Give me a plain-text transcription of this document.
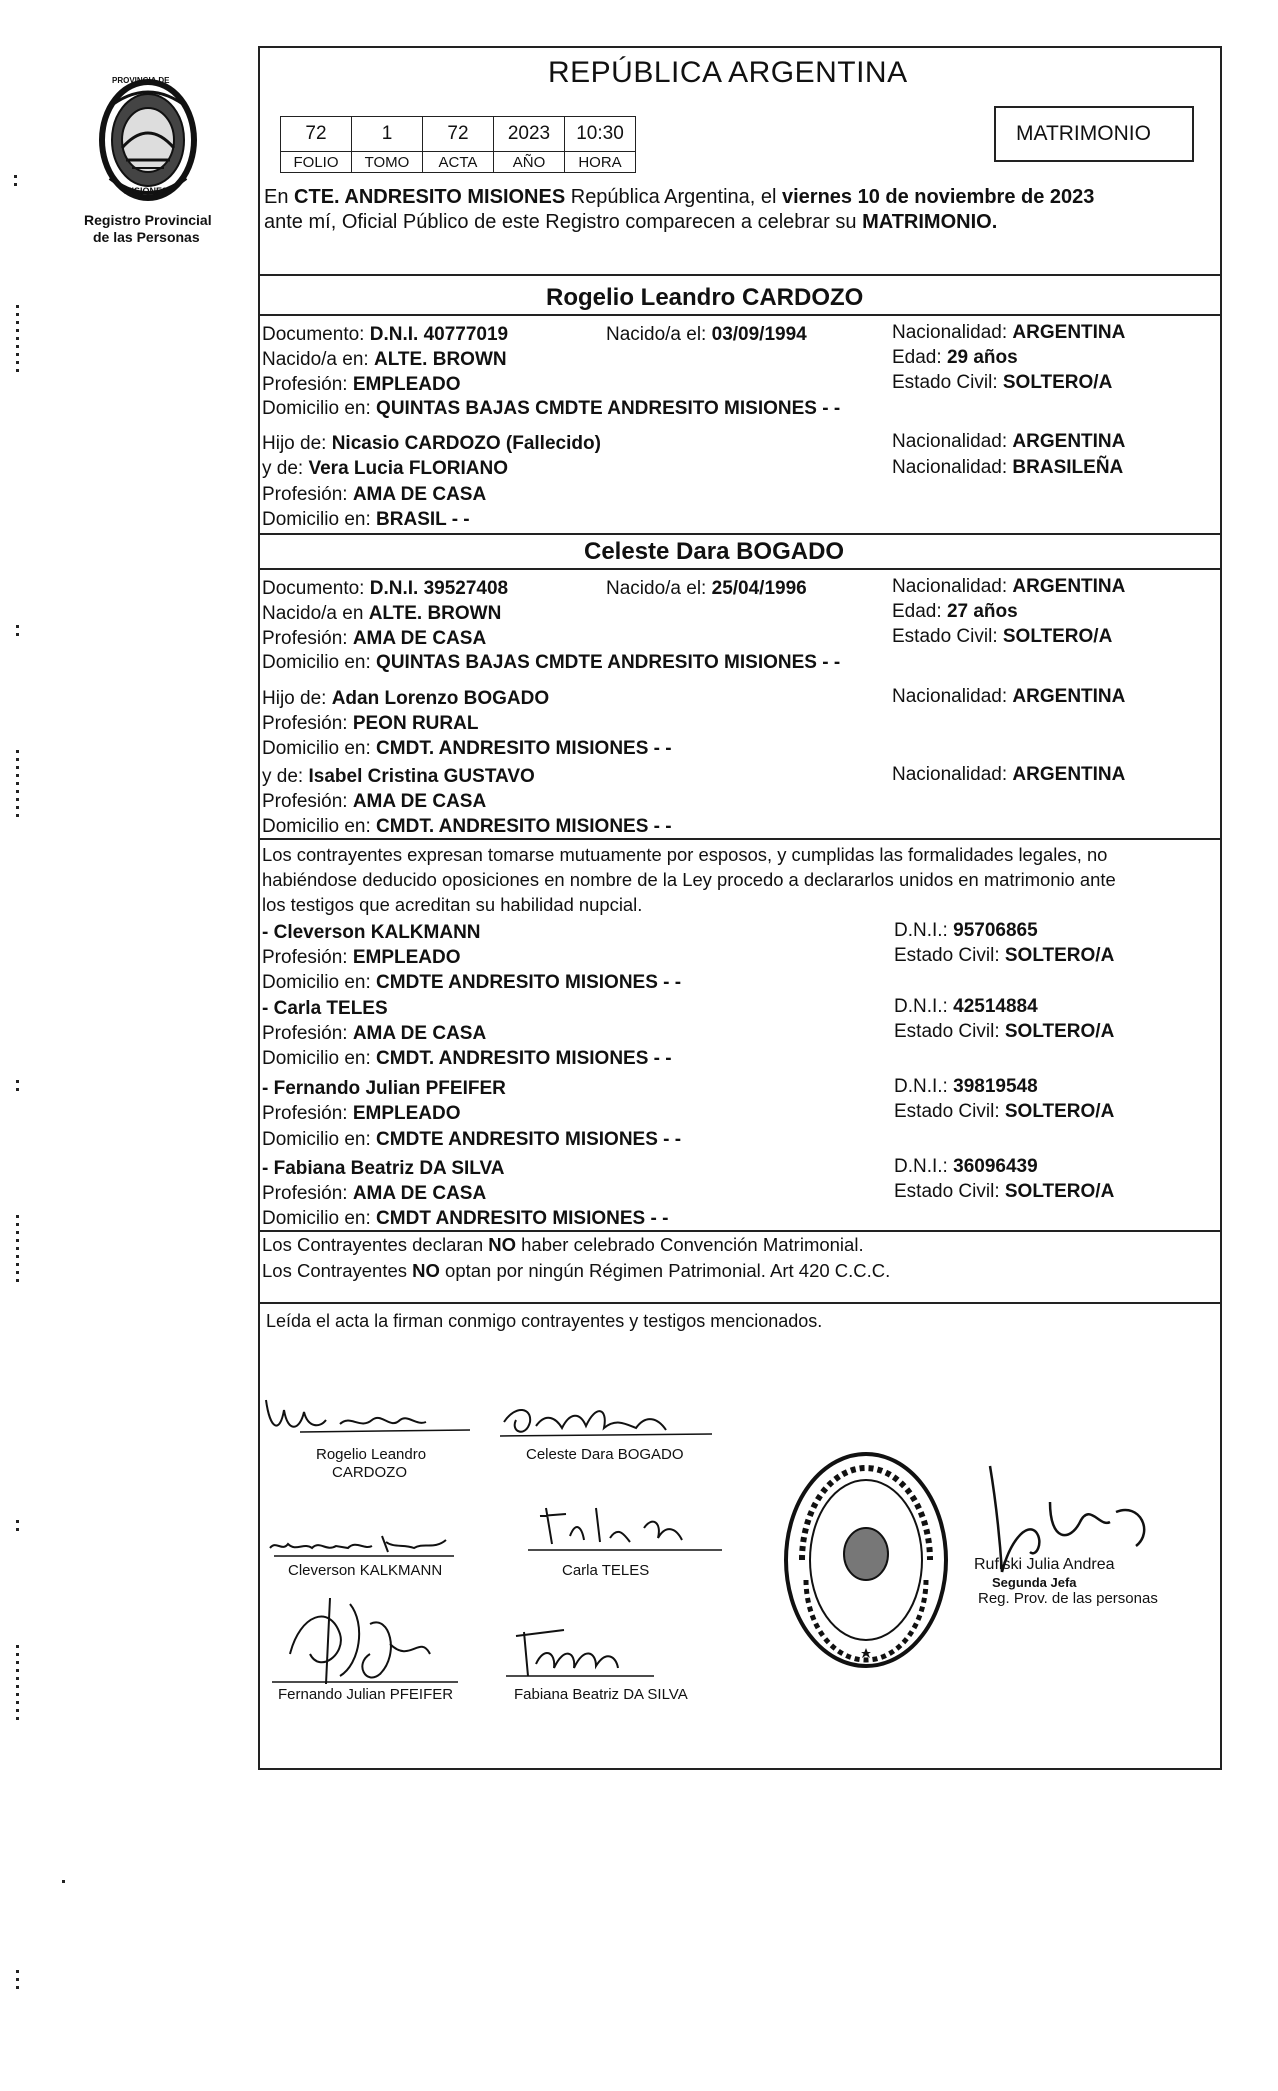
PROVINCIA DE
MISIONES
Registro Provincial
de las Personas
REPÚBLICA ARGENTINA
72	1	72	2023	10:30
FOLIO	TOMO	ACTA	AÑO	HORA
MATRIMONIO
En CTE. ANDRESITO MISIONES República Argentina, el viernes 10 de noviembre de 2023
ante mí, Oficial Público de este Registro comparecen a celebrar su MATRIMONIO.
Rogelio Leandro CARDOZO
Documento: D.N.I. 40777019	Nacido/a el: 03/09/1994	Nacionalidad: ARGENTINA
Nacido/a en: ALTE. BROWN	Edad: 29 años
Profesión: EMPLEADO	Estado Civil: SOLTERO/A
Domicilio en: QUINTAS BAJAS CMDTE ANDRESITO MISIONES - -
Hijo de: Nicasio CARDOZO (Fallecido)	Nacionalidad: ARGENTINA
y de: Vera Lucia FLORIANO	Nacionalidad: BRASILEÑA
Profesión: AMA DE CASA
Domicilio en: BRASIL - -
Celeste Dara BOGADO
Documento: D.N.I. 39527408	Nacido/a el: 25/04/1996	Nacionalidad: ARGENTINA
Nacido/a en ALTE. BROWN	Edad: 27 años
Profesión: AMA DE CASA	Estado Civil: SOLTERO/A
Domicilio en: QUINTAS BAJAS CMDTE ANDRESITO MISIONES - -
Hijo de: Adan Lorenzo BOGADO	Nacionalidad: ARGENTINA
Profesión: PEON RURAL
Domicilio en: CMDT. ANDRESITO MISIONES - -
y de: Isabel Cristina GUSTAVO	Nacionalidad: ARGENTINA
Profesión: AMA DE CASA
Domicilio en: CMDT. ANDRESITO MISIONES - -
Los contrayentes expresan tomarse mutuamente por esposos, y cumplidas las formalidades legales, no
habiéndose deducido oposiciones en nombre de la Ley procedo a declararlos unidos en matrimonio ante
los testigos que acreditan su habilidad nupcial.
- Cleverson KALKMANN	D.N.I.: 95706865
Profesión: EMPLEADO	Estado Civil: SOLTERO/A
Domicilio en: CMDTE ANDRESITO MISIONES - -
- Carla TELES	D.N.I.: 42514884
Profesión: AMA DE CASA	Estado Civil: SOLTERO/A
Domicilio en: CMDT. ANDRESITO MISIONES - -
- Fernando Julian PFEIFER	D.N.I.: 39819548
Profesión: EMPLEADO	Estado Civil: SOLTERO/A
Domicilio en: CMDTE ANDRESITO MISIONES - -
- Fabiana Beatriz DA SILVA	D.N.I.: 36096439
Profesión: AMA DE CASA	Estado Civil: SOLTERO/A
Domicilio en: CMDT ANDRESITO MISIONES - -
Los Contrayentes declaran NO haber celebrado Convención Matrimonial.
Los Contrayentes NO optan por ningún Régimen Patrimonial. Art 420 C.C.C.
Leída el acta la firman conmigo contrayentes y testigos mencionados.
Rogelio Leandro
CARDOZO
Celeste Dara BOGADO
Cleverson KALKMANN	Carla TELES
Fernando Julian PFEIFER	Fabiana Beatriz DA SILVA
Rufiski Julia Andrea
Segunda Jefa
Reg. Prov. de las personas
